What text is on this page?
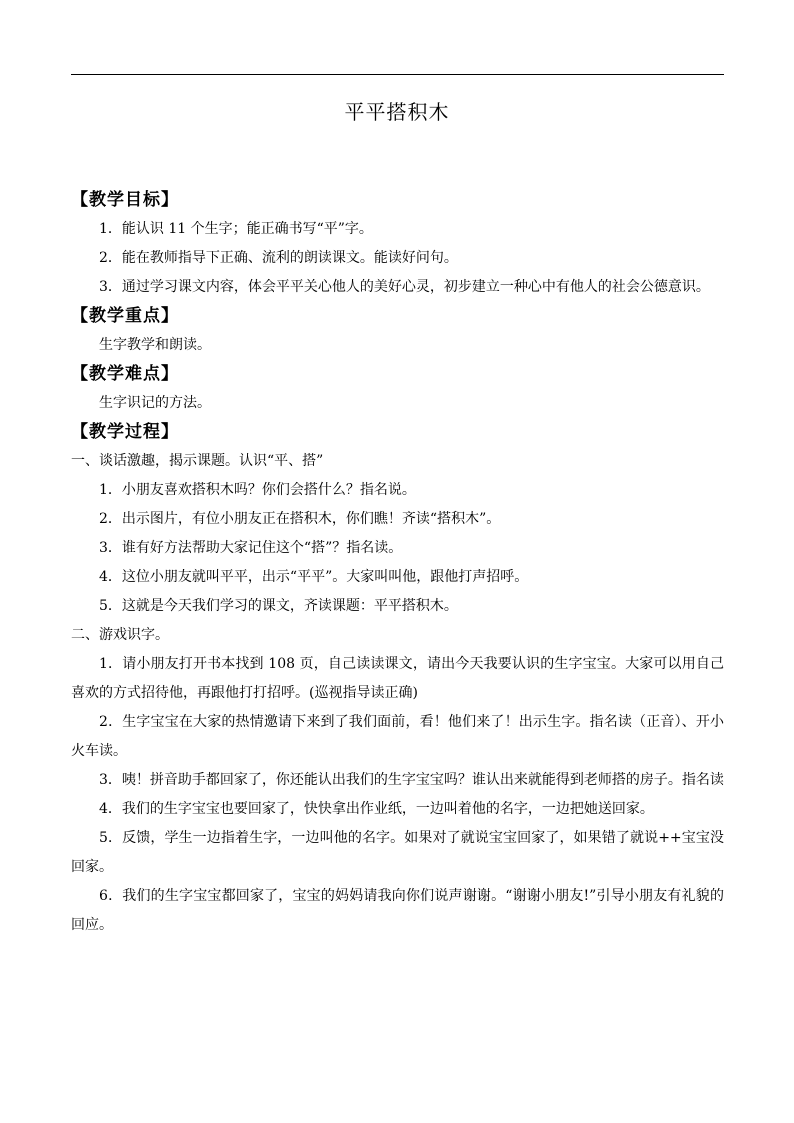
平平搭积木

【教学目标】

1．能认识 11 个生字；能正确书写“平”字。

2．能在教师指导下正确、流利的朗读课文。能读好问句。

3．通过学习课文内容，体会平平关心他人的美好心灵，初步建立一种心中有他人的社会公德意识。

【教学重点】

生字教学和朗读。

【教学难点】

生字识记的方法。

【教学过程】

一、谈话激趣，揭示课题。认识“平、搭”

1．小朋友喜欢搭积木吗？你们会搭什么？指名说。

2．出示图片，有位小朋友正在搭积木，你们瞧！齐读“搭积木”。

3．谁有好方法帮助大家记住这个“搭”？指名读。

4．这位小朋友就叫平平，出示“平平”。大家叫叫他，跟他打声招呼。

5．这就是今天我们学习的课文，齐读课题：平平搭积木。

二、游戏识字。

1．请小朋友打开书本找到 108 页，自己读读课文，请出今天我要认识的生字宝宝。大家可以用自己喜欢的方式招待他，再跟他打打招呼。(巡视指导读正确)

2．生字宝宝在大家的热情邀请下来到了我们面前，看！他们来了！出示生字。指名读（正音）、开小火车读。

3．咦！拼音助手都回家了，你还能认出我们的生字宝宝吗？谁认出来就能得到老师搭的房子。指名读

4．我们的生字宝宝也要回家了，快快拿出作业纸，一边叫着他的名字，一边把她送回家。

5．反馈，学生一边指着生字，一边叫他的名字。如果对了就说宝宝回家了，如果错了就说++宝宝没回家。

6．我们的生字宝宝都回家了，宝宝的妈妈请我向你们说声谢谢。“谢谢小朋友!”引导小朋友有礼貌的回应。
